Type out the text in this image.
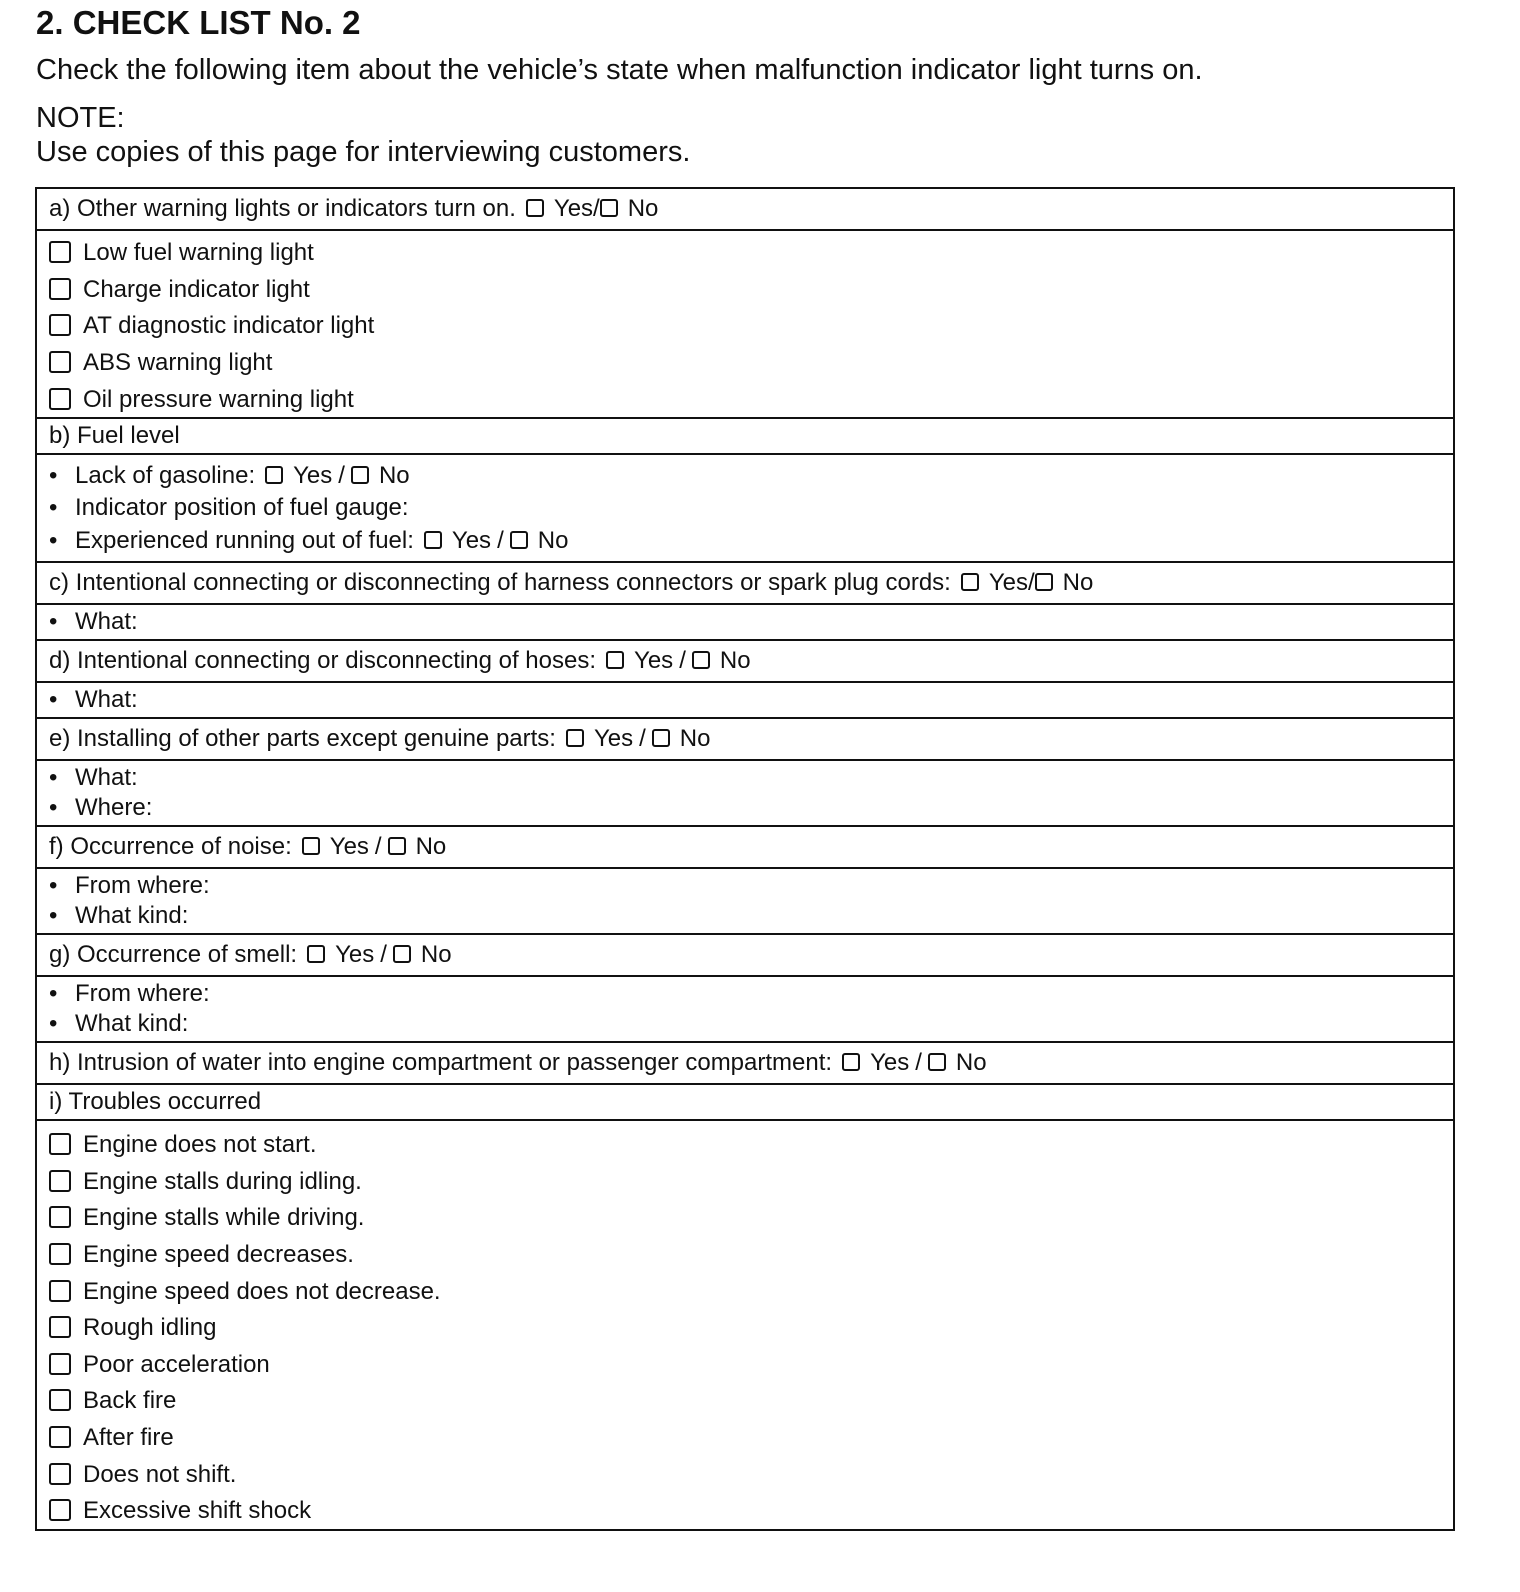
2. CHECK LIST No. 2
Check the following item about the vehicle’s state when malfunction indicator light turns on.
NOTE:
Use copies of this page for interviewing customers.
a) Other warning lights or indicators turn on. Yes / No
Low fuel warning light
Charge indicator light
AT diagnostic indicator light
ABS warning light
Oil pressure warning light
b) Fuel level
• Lack of gasoline: Yes / No
• Indicator position of fuel gauge:
• Experienced running out of fuel: Yes / No
c) Intentional connecting or disconnecting of harness connectors or spark plug cords: Yes / No
• What:
d) Intentional connecting or disconnecting of hoses: Yes / No
• What:
e) Installing of other parts except genuine parts: Yes / No
• What:
• Where:
f) Occurrence of noise: Yes / No
• From where:
• What kind:
g) Occurrence of smell: Yes / No
• From where:
• What kind:
h) Intrusion of water into engine compartment or passenger compartment: Yes / No
i) Troubles occurred
Engine does not start.
Engine stalls during idling.
Engine stalls while driving.
Engine speed decreases.
Engine speed does not decrease.
Rough idling
Poor acceleration
Back fire
After fire
Does not shift.
Excessive shift shock
